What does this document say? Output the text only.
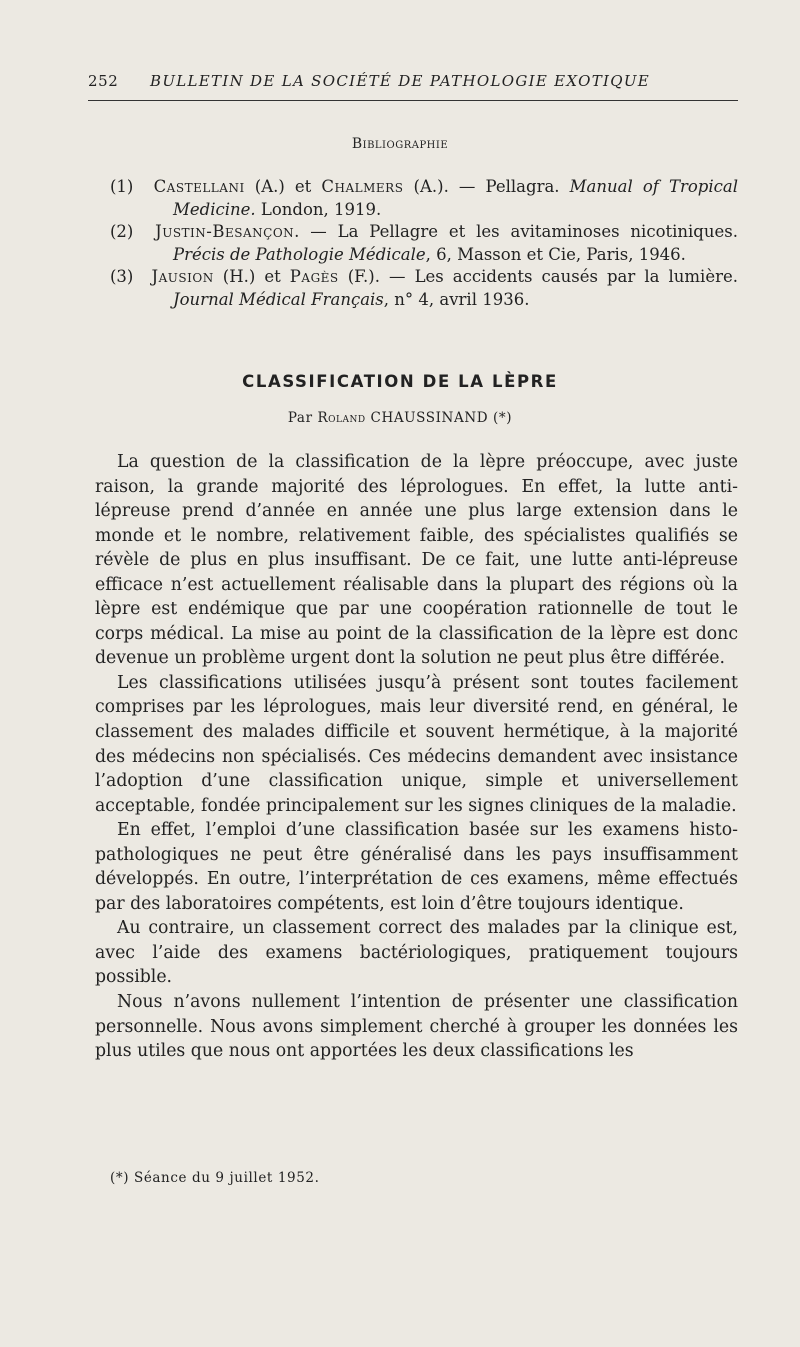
252	BULLETIN DE LA SOCIÉTÉ DE PATHOLOGIE EXOTIQUE
Bibliographie

(1) Castellani (A.) et Chalmers (A.). — Pellagra. Manual of Tropical Medicine. London, 1919.

(2) Justin-Besançon. — La Pellagre et les avitaminoses nicotiniques. Précis de Pathologie Médicale, 6, Masson et Cie, Paris, 1946.

(3) Jausion (H.) et Pagès (F.). — Les accidents causés par la lumière. Journal Médical Français, n° 4, avril 1936.

CLASSIFICATION DE LA LÈPRE
Par Roland CHAUSSINAND (*)

La question de la classification de la lèpre préoccupe, avec juste raison, la grande majorité des léprologues. En effet, la lutte anti-lépreuse prend d’année en année une plus large extension dans le monde et le nombre, relativement faible, des spécialistes qualifiés se révèle de plus en plus insuffisant. De ce fait, une lutte anti-lépreuse efficace n’est actuellement réalisable dans la plupart des régions où la lèpre est endémique que par une coopération rationnelle de tout le corps médical. La mise au point de la classification de la lèpre est donc devenue un problème urgent dont la solution ne peut plus être différée.

Les classifications utilisées jusqu’à présent sont toutes facilement comprises par les léprologues, mais leur diversité rend, en général, le classement des malades difficile et souvent hermétique, à la majorité des médecins non spécialisés. Ces médecins demandent avec insistance l’adoption d’une classification unique, simple et universellement acceptable, fondée principalement sur les signes cliniques de la maladie.

En effet, l’emploi d’une classification basée sur les examens histo-pathologiques ne peut être généralisé dans les pays insuffisamment développés. En outre, l’interprétation de ces examens, même effectués par des laboratoires compétents, est loin d’être toujours identique.

Au contraire, un classement correct des malades par la clinique est, avec l’aide des examens bactériologiques, pratiquement toujours possible.

Nous n’avons nullement l’intention de présenter une classification personnelle. Nous avons simplement cherché à grouper les données les plus utiles que nous ont apportées les deux classifications les

(*) Séance du 9 juillet 1952.
